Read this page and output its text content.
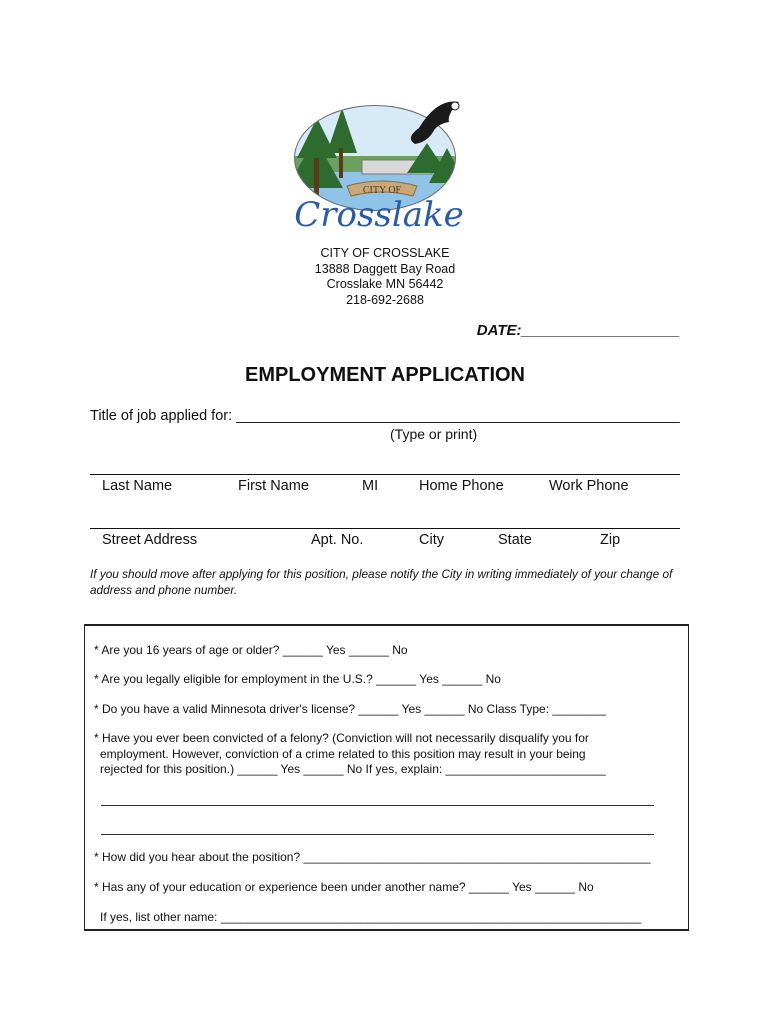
CITY OF
Crosslake
CITY OF CROSSLAKE
13888 Daggett Bay Road
Crosslake MN 56442
218-692-2688
DATE:___________________
EMPLOYMENT APPLICATION
Title of job applied for: _______________________________________________________
(Type or print)
Last Name	First Name	MI	Home Phone	Work Phone
Street Address	Apt. No.	City	State	Zip
If you should move after applying for this position, please notify the City in writing immediately of your change of address and phone number.
* Are you 16 years of age or older? ______ Yes ______ No
* Are you legally eligible for employment in the U.S.? ______ Yes ______ No
* Do you have a valid Minnesota driver's license? ______ Yes ______ No Class Type: ________
* Have you ever been convicted of a felony? (Conviction will not necessarily disqualify you for
employment. However, conviction of a crime related to this position may result in your being
rejected for this position.) ______ Yes ______ No If yes, explain: ________________________
* How did you hear about the position? ____________________________________________________
* Has any of your education or experience been under another name? ______ Yes ______ No
If yes, list other name: _______________________________________________________________
